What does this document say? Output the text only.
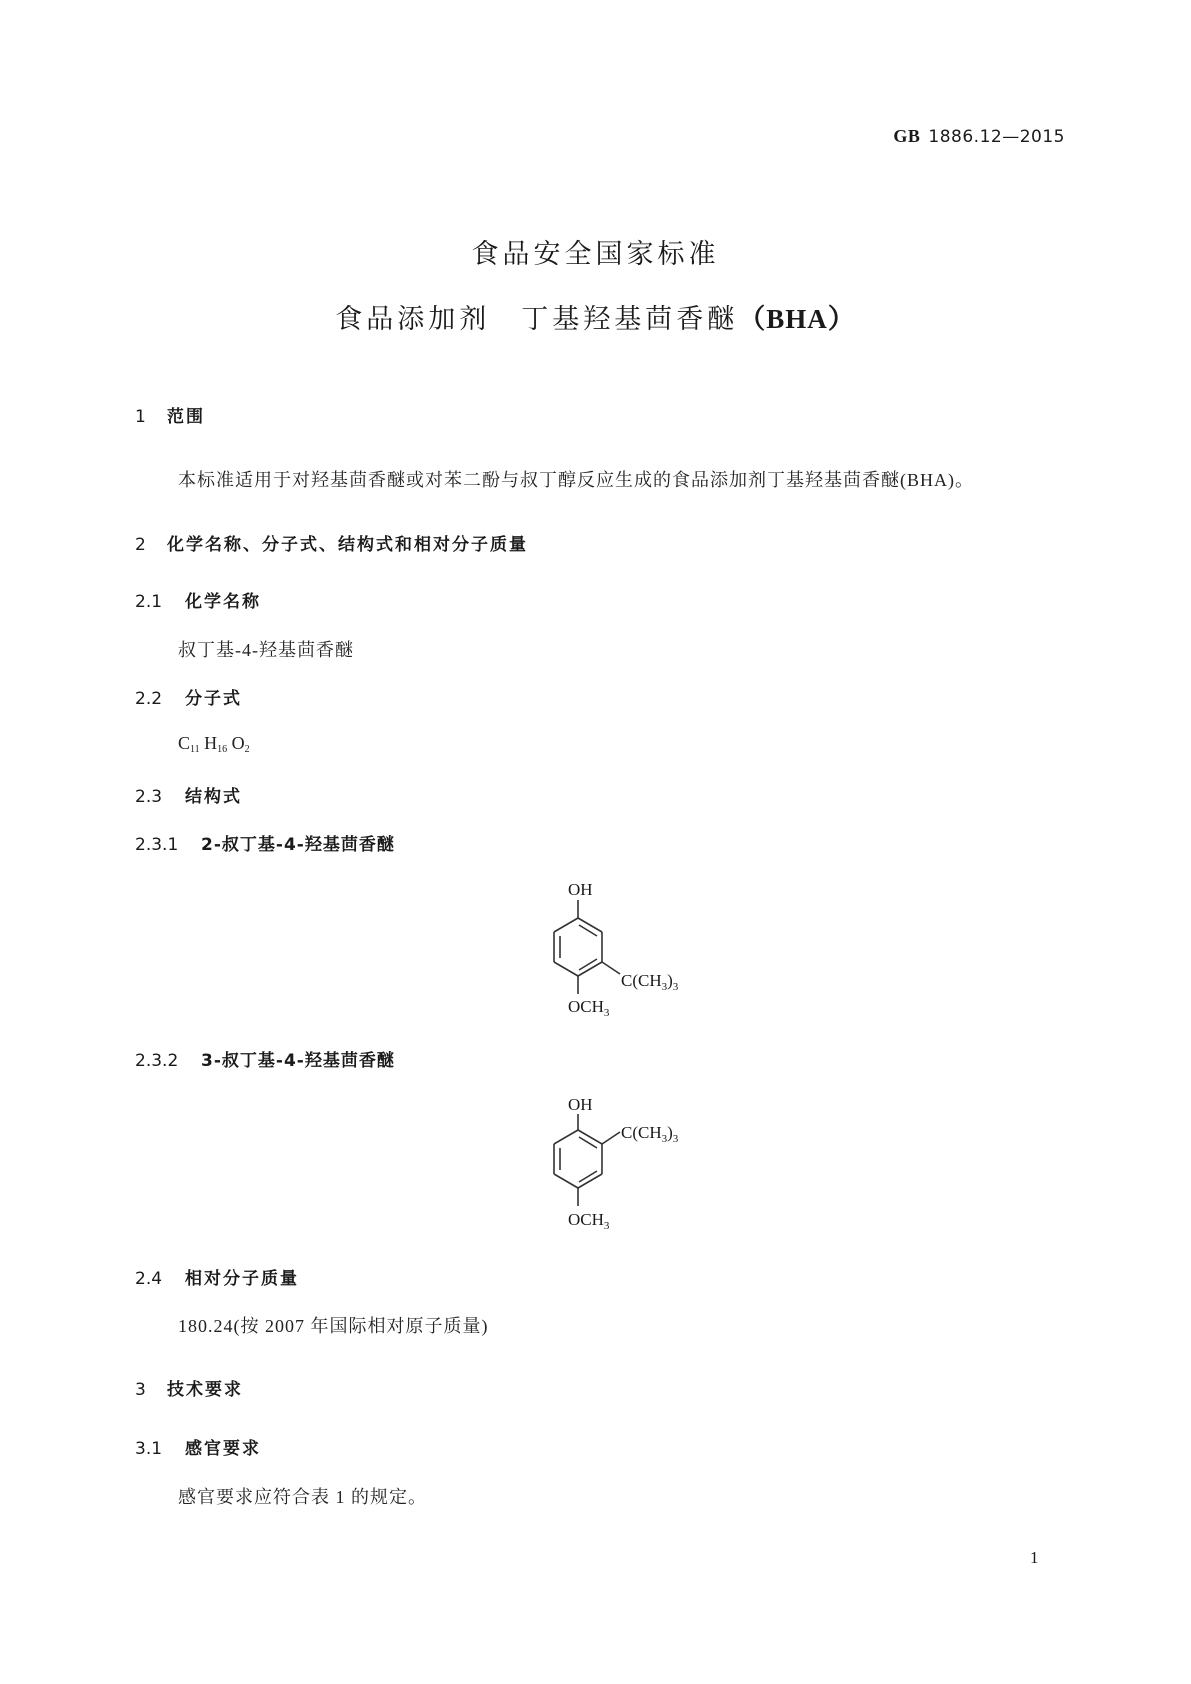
GB 1886.12—2015
食品安全国家标准
食品添加剂　丁基羟基茴香醚（BHA）
1 范围
本标准适用于对羟基茴香醚或对苯二酚与叔丁醇反应生成的食品添加剂丁基羟基茴香醚(BHA)。
2 化学名称、分子式、结构式和相对分子质量
2.1 化学名称
叔丁基-4-羟基茴香醚
2.2 分子式
$C_{11}$ $H_{16}$ $O_2$
2.3 结构式
2.3.1 2-叔丁基-4-羟基茴香醚
OH
$C(CH_3)_3$
$OCH_3$
2.3.2 3-叔丁基-4-羟基茴香醚
OH
$C(CH_3)_3$
$OCH_3$
2.4 相对分子质量
180.24(按 2007 年国际相对原子质量)
3 技术要求
3.1 感官要求
感官要求应符合表 1 的规定。
1
